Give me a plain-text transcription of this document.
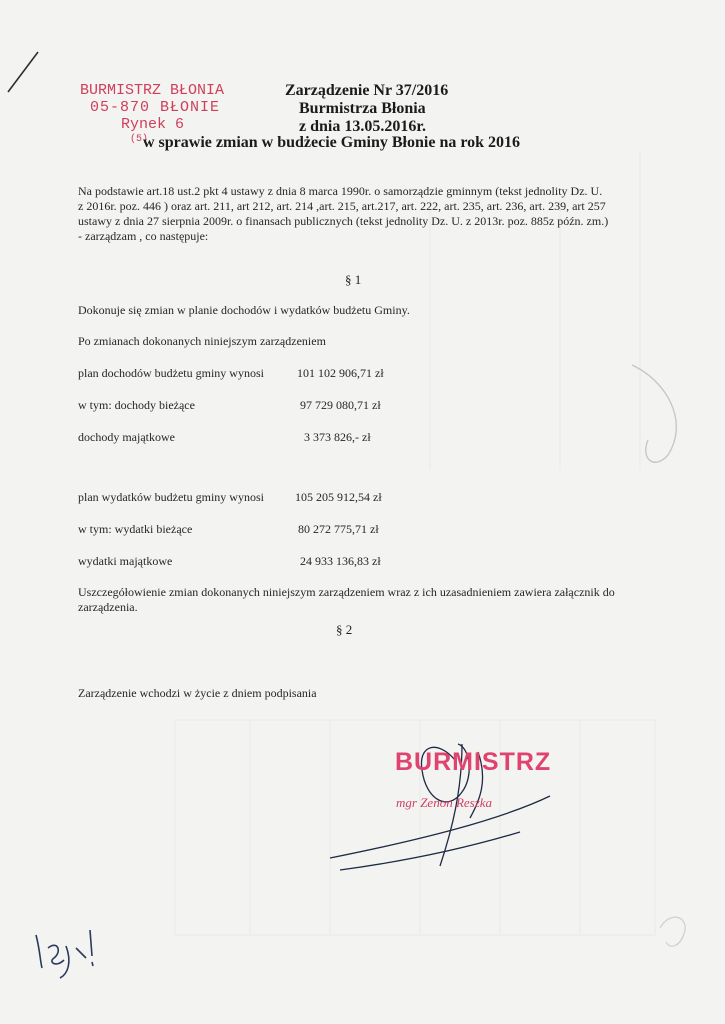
BURMISTRZ BŁONIA
05-870 BŁONIE
Rynek 6
(5)
Zarządzenie Nr 37/2016
Burmistrza Błonia
z dnia 13.05.2016r.
w sprawie zmian w budżecie Gminy Błonie na rok 2016
Na podstawie art.18 ust.2 pkt 4 ustawy z dnia 8 marca 1990r. o samorządzie gminnym (tekst jednolity Dz. U.
z 2016r. poz. 446 ) oraz art. 211, art 212, art. 214 ,art. 215, art.217, art. 222, art. 235, art. 236, art. 239, art 257
ustawy z dnia 27 sierpnia 2009r. o finansach publicznych (tekst jednolity Dz. U. z 2013r. poz. 885z późn. zm.)
- zarządzam , co następuje:
§ 1
Dokonuje się zmian w planie dochodów i wydatków budżetu Gminy.
Po zmianach dokonanych niniejszym zarządzeniem
plan dochodów budżetu gminy wynosi	101 102 906,71 zł
w tym: dochody bieżące	97 729 080,71 zł
dochody majątkowe	3 373 826,- zł
plan wydatków budżetu gminy wynosi	105 205 912,54 zł
w tym: wydatki bieżące	80 272 775,71 zł
wydatki majątkowe	24 933 136,83 zł
Uszczegółowienie zmian dokonanych niniejszym zarządzeniem wraz z ich uzasadnieniem zawiera załącznik do
zarządzenia.
§ 2
Zarządzenie wchodzi w życie z dniem podpisania
BURMISTRZ
mgr Zenon Reszka
